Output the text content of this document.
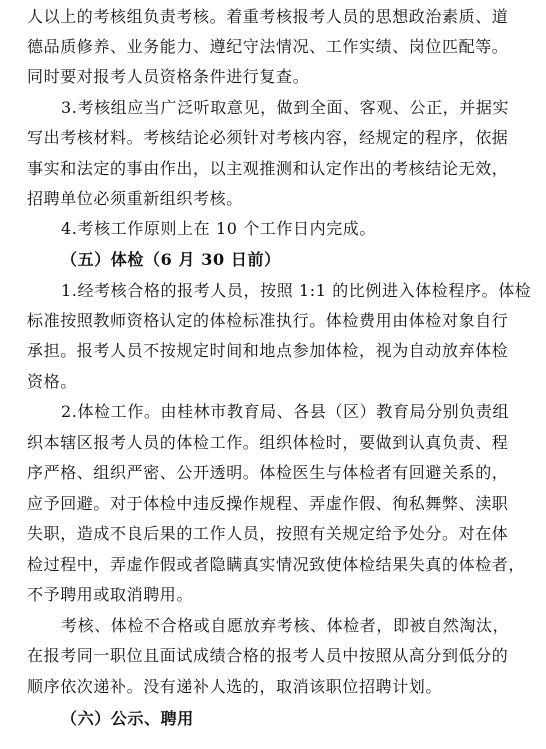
人以上的考核组负责考核。着重考核报考人员的思想政治素质、道
德品质修养、业务能力、遵纪守法情况、工作实绩、岗位匹配等。
同时要对报考人员资格条件进行复查。
3.考核组应当广泛听取意见，做到全面、客观、公正，并据实
写出考核材料。考核结论必须针对考核内容，经规定的程序，依据
事实和法定的事由作出，以主观推测和认定作出的考核结论无效，
招聘单位必须重新组织考核。
4.考核工作原则上在 10 个工作日内完成。
（五）体检（6 月 30 日前）
1.经考核合格的报考人员，按照 1:1 的比例进入体检程序。体检
标准按照教师资格认定的体检标准执行。体检费用由体检对象自行
承担。报考人员不按规定时间和地点参加体检，视为自动放弃体检
资格。
2.体检工作。由桂林市教育局、各县（区）教育局分别负责组
织本辖区报考人员的体检工作。组织体检时，要做到认真负责、程
序严格、组织严密、公开透明。体检医生与体检者有回避关系的，
应予回避。对于体检中违反操作规程、弄虚作假、徇私舞弊、渎职
失职，造成不良后果的工作人员，按照有关规定给予处分。对在体
检过程中，弄虚作假或者隐瞒真实情况致使体检结果失真的体检者，
不予聘用或取消聘用。
考核、体检不合格或自愿放弃考核、体检者，即被自然淘汰，
在报考同一职位且面试成绩合格的报考人员中按照从高分到低分的
顺序依次递补。没有递补人选的，取消该职位招聘计划。
（六）公示、聘用
